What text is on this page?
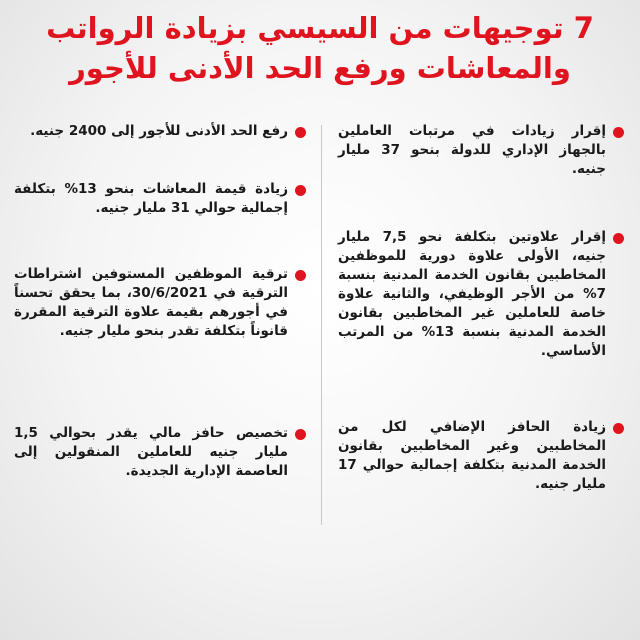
7 توجيهات من السيسي بزيادة الرواتب
والمعاشات ورفع الحد الأدنى للأجور
إقرار زيادات في مرتبات العاملين بالجهاز الإداري للدولة بنحو 37 مليار جنيه.
إقرار علاوتين بتكلفة نحو 7,5 مليار جنيه، الأولى علاوة دورية للموظفين المخاطبين بقانون الخدمة المدنية بنسبة 7% من الأجر الوظيفي، والثانية علاوة خاصة للعاملين غير المخاطبين بقانون الخدمة المدنية بنسبة 13% من المرتب الأساسي.
زيادة الحافز الإضافي لكل من المخاطبين وغير المخاطبين بقانون الخدمة المدنية بتكلفة إجمالية حوالي 17 مليار جنيه.
رفع الحد الأدنى للأجور إلى 2400 جنيه.
زيادة قيمة المعاشات بنحو 13% بتكلفة إجمالية حوالي 31 مليار جنيه.
ترقية الموظفين المستوفين اشتراطات الترقية في 30/6/2021، بما يحقق تحسناً في أجورهم بقيمة علاوة الترقية المقررة قانوناً بتكلفة تقدر بنحو مليار جنيه.
تخصيص حافز مالي يقدر بحوالي 1,5 مليار جنيه للعاملين المنقولين إلى العاصمة الإدارية الجديدة.
